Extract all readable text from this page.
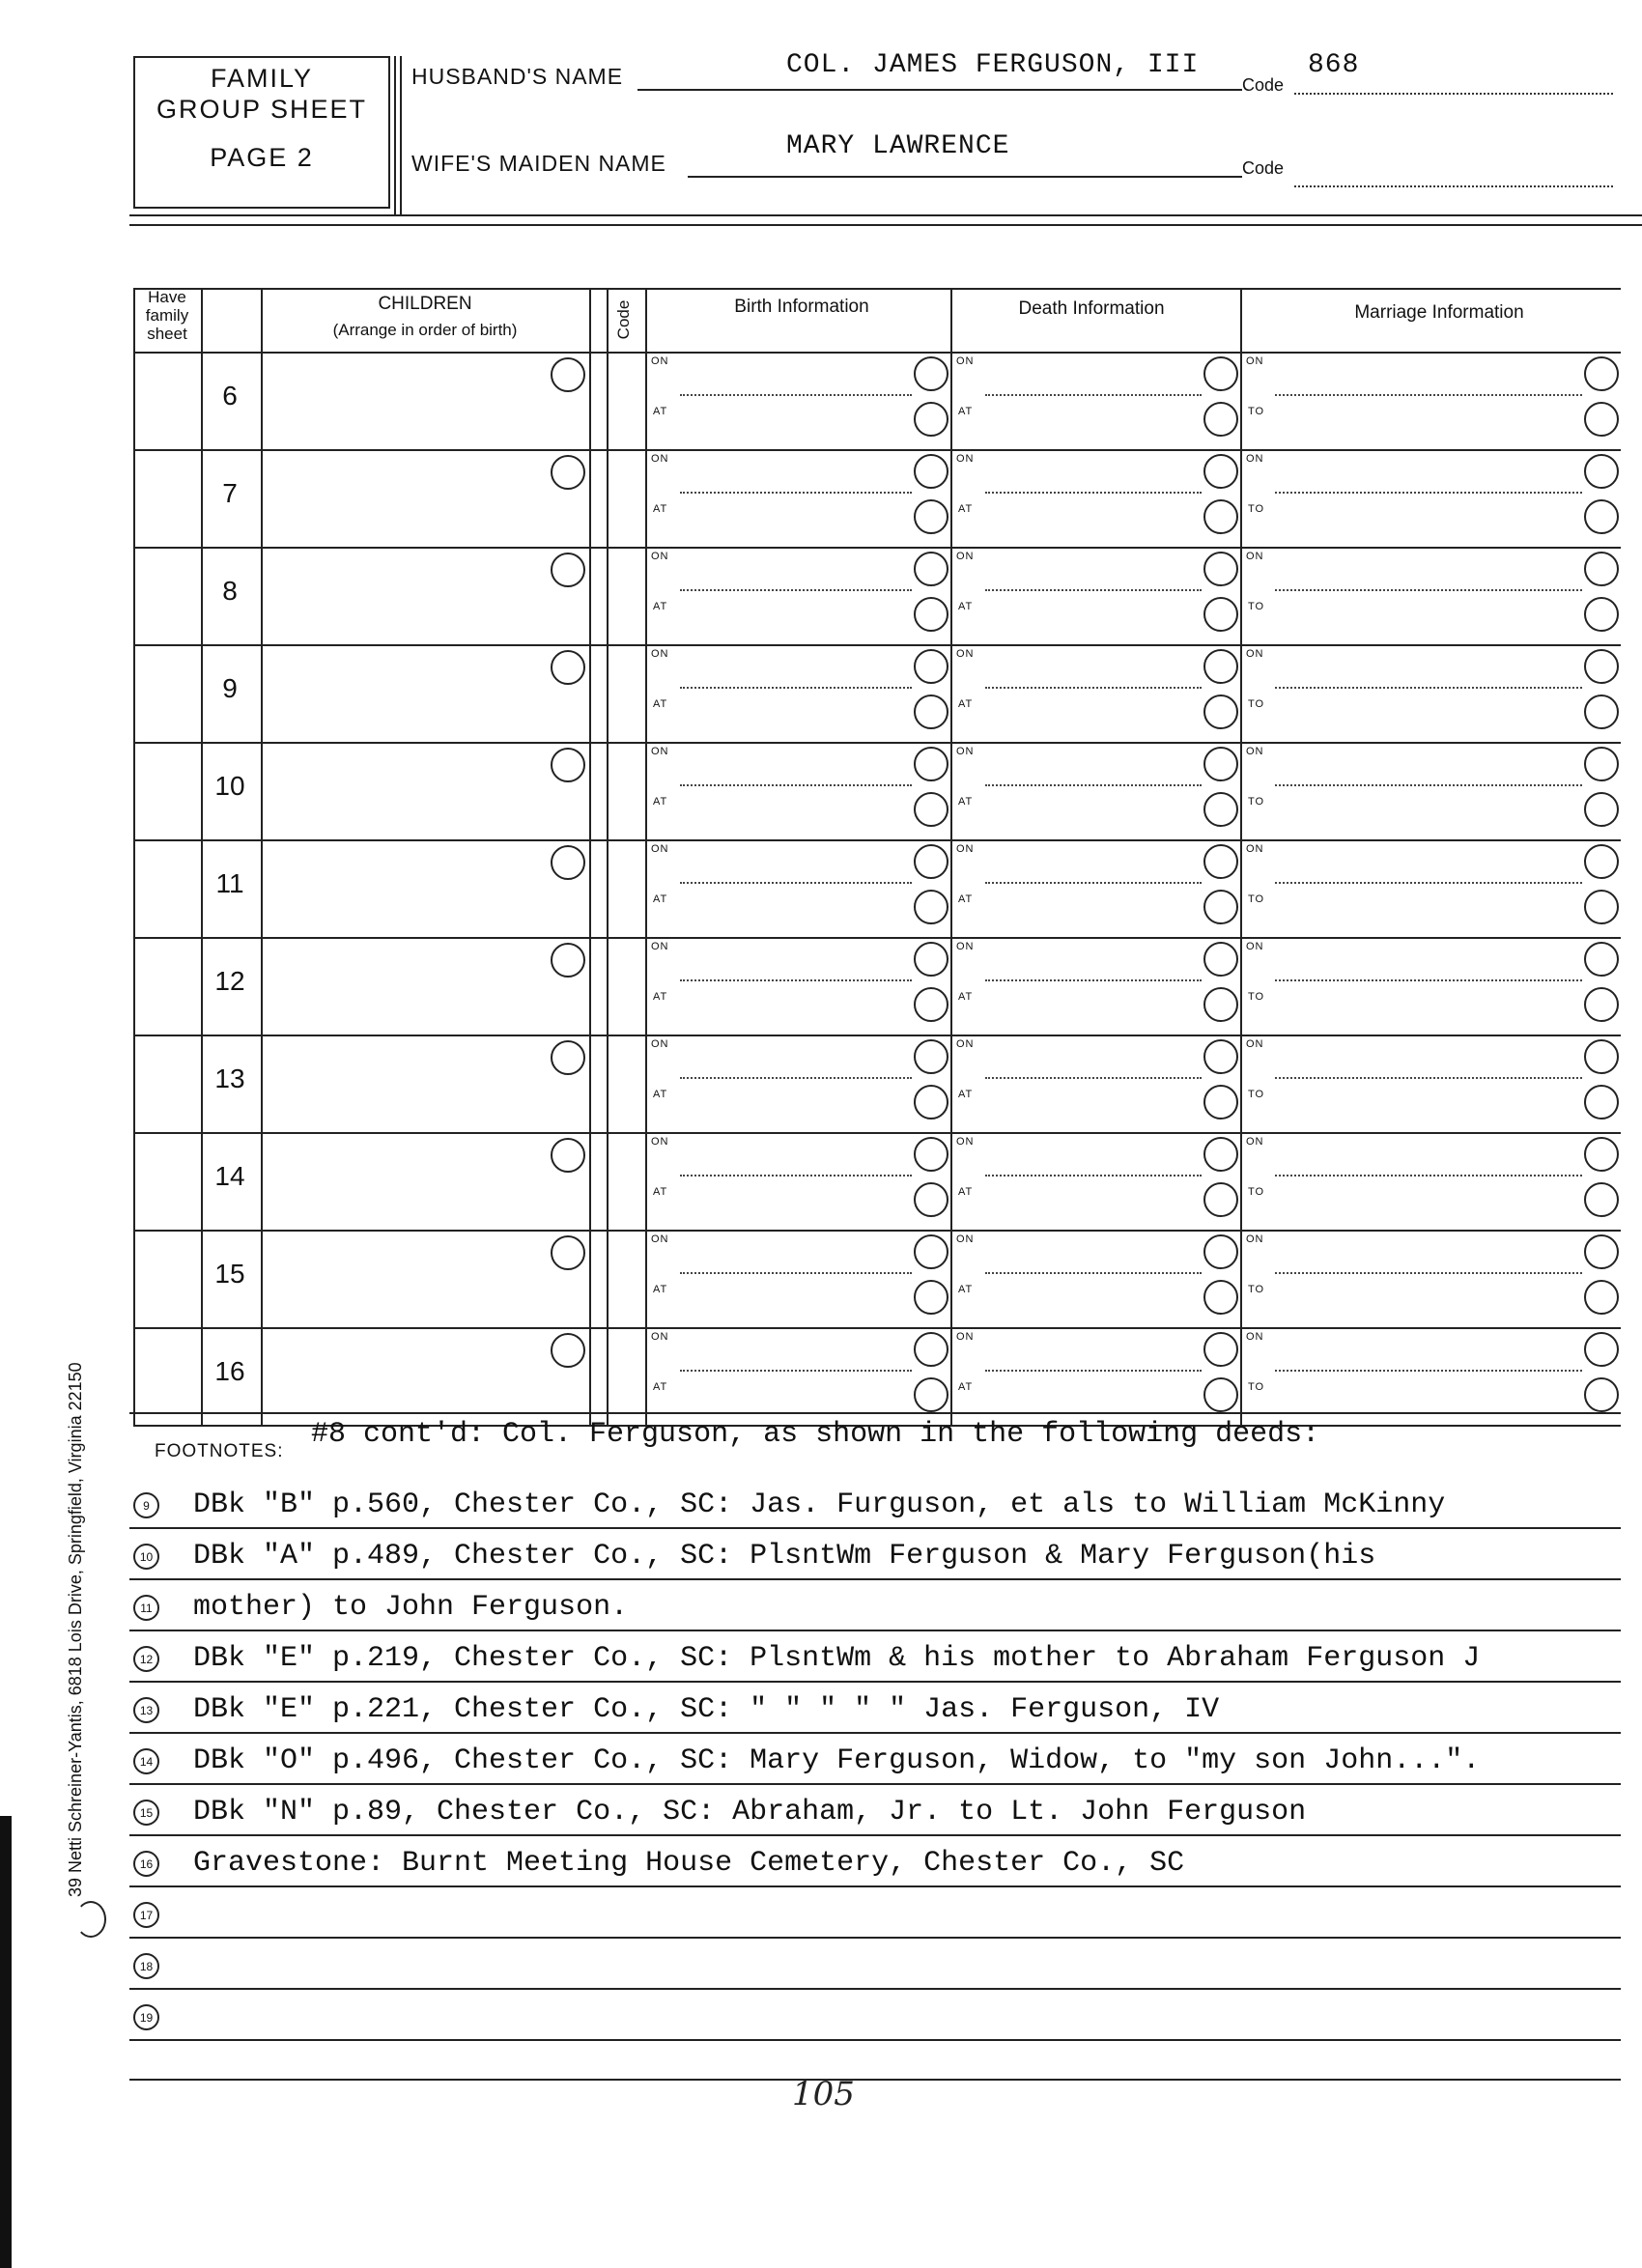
FAMILY
GROUP SHEET
PAGE 2
HUSBAND'S NAME	COL. JAMES FERGUSON, III
Code
868
WIFE'S MAIDEN NAME
MARY LAWRENCE
Code
Have family sheet
CHILDREN
(Arrange in order of birth)	Code	Birth Information	Death Information	Marriage Information
6
ON
AT
ON
AT
ON
TO
7
ON
AT
ON
AT
ON
TO
8
ON
AT
ON
AT
ON
TO
9
ON
AT
ON
AT
ON
TO
10
ON
AT
ON
AT
ON
TO
11
ON
AT
ON
AT
ON
TO
12
ON
AT
ON
AT
ON
TO
13
ON
AT
ON
AT
ON
TO
14
ON
AT
ON
AT
ON
TO
15
ON
AT
ON
AT
ON
TO
16
ON
AT
ON
AT
ON
TO
FOOTNOTES:
#8 cont'd: Col. Ferguson, as shown in the following deeds:
9	DBk "B" p.560, Chester Co., SC: Jas. Furguson, et als to William McKinny
10 DBk "A" p.489, Chester Co., SC: PlsntWm Ferguson & Mary Ferguson(his
11 mother) to John Ferguson.
12 DBk "E" p.219, Chester Co., SC: PlsntWm & his mother to Abraham Ferguson J
13 DBk "E" p.221, Chester Co., SC: " " " " " Jas. Ferguson, IV
14 DBk "O" p.496, Chester Co., SC: Mary Ferguson, Widow, to "my son John...".
15 DBk "N" p.89, Chester Co., SC: Abraham, Jr. to Lt. John Ferguson
16 Gravestone: Burnt Meeting House Cemetery, Chester Co., SC
17
18
19
39 Netti Schreiner-Yantis, 6818 Lois Drive, Springfield, Virginia 22150
105
